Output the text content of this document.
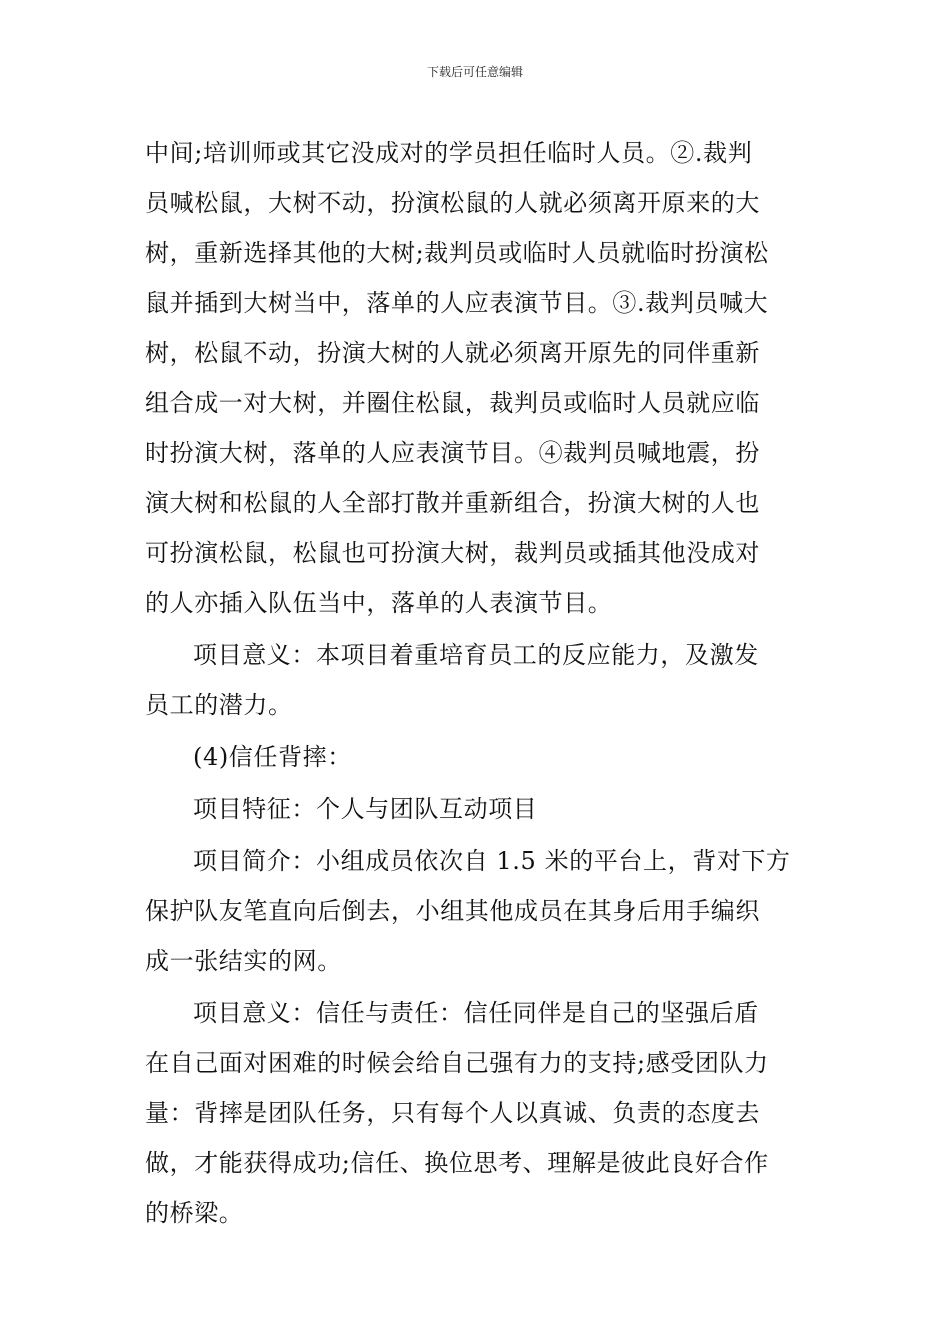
下载后可任意编辑
中间;培训师或其它没成对的学员担任临时人员。②.裁判
员喊松鼠，大树不动，扮演松鼠的人就必须离开原来的大
树，重新选择其他的大树;裁判员或临时人员就临时扮演松
鼠并插到大树当中，落单的人应表演节目。③.裁判员喊大
树，松鼠不动，扮演大树的人就必须离开原先的同伴重新
组合成一对大树，并圈住松鼠，裁判员或临时人员就应临
时扮演大树，落单的人应表演节目。④裁判员喊地震，扮
演大树和松鼠的人全部打散并重新组合，扮演大树的人也
可扮演松鼠，松鼠也可扮演大树，裁判员或插其他没成对
的人亦插入队伍当中，落单的人表演节目。
项目意义：本项目着重培育员工的反应能力，及激发
员工的潜力。
(4)信任背摔：
项目特征：个人与团队互动项目
项目简介：小组成员依次自 1.5 米的平台上，背对下方
保护队友笔直向后倒去，小组其他成员在其身后用手编织
成一张结实的网。
项目意义：信任与责任：信任同伴是自己的坚强后盾
在自己面对困难的时候会给自己强有力的支持;感受团队力
量：背摔是团队任务，只有每个人以真诚、负责的态度去
做，才能获得成功;信任、换位思考、理解是彼此良好合作
的桥梁。
